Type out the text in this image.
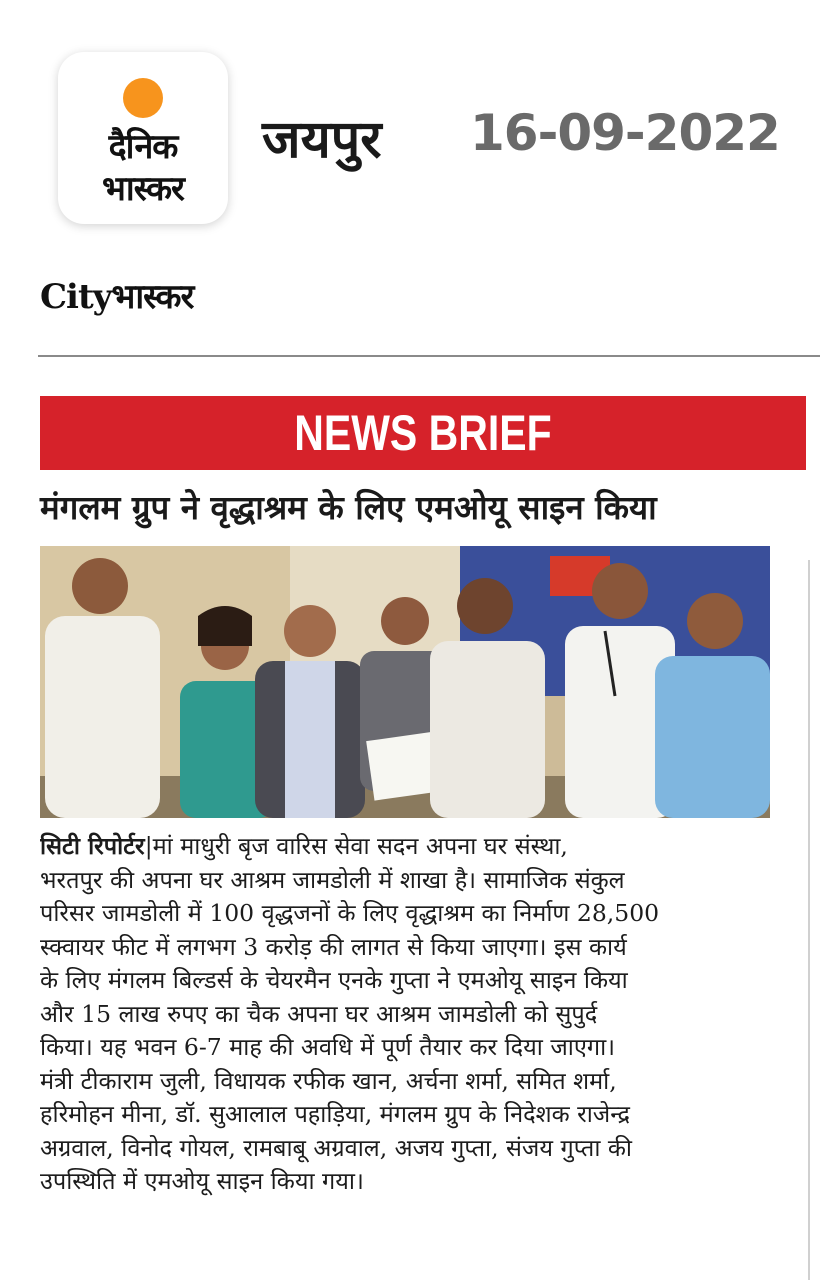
दैनिक
भास्कर
जयपुर 16-09-2022
Cityभास्कर
NEWS BRIEF
मंगलम ग्रुप ने वृद्धाश्रम के लिए एमओयू साइन किया
सिटी रिपोर्टर|मां माधुरी बृज वारिस सेवा सदन अपना घर संस्था,
भरतपुर की अपना घर आश्रम जामडोली में शाखा है। सामाजिक संकुल
परिसर जामडोली में 100 वृद्धजनों के लिए वृद्धाश्रम का निर्माण 28,500
स्क्वायर फीट में लगभग 3 करोड़ की लागत से किया जाएगा। इस कार्य
के लिए मंगलम बिल्डर्स के चेयरमैन एनके गुप्ता ने एमओयू साइन किया
और 15 लाख रुपए का चैक अपना घर आश्रम जामडोली को सुपुर्द
किया। यह भवन 6-7 माह की अवधि में पूर्ण तैयार कर दिया जाएगा।
मंत्री टीकाराम जुली, विधायक रफीक खान, अर्चना शर्मा, समित शर्मा,
हरिमोहन मीना, डॉ. सुआलाल पहाड़िया, मंगलम ग्रुप के निदेशक राजेन्द्र
अग्रवाल, विनोद गोयल, रामबाबू अग्रवाल, अजय गुप्ता, संजय गुप्ता की
उपस्थिति में एमओयू साइन किया गया।
